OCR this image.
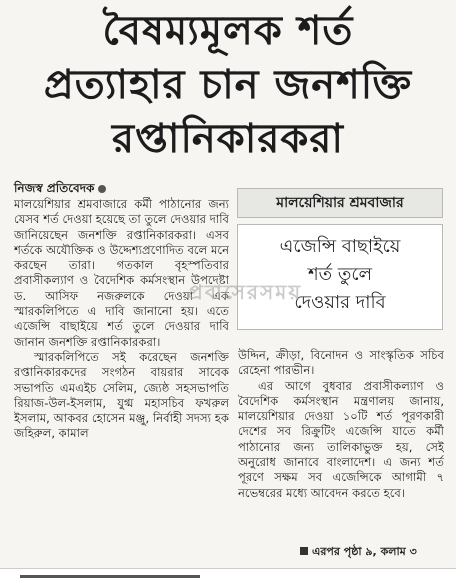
বৈষম্যমূলক শর্ত
প্রত্যাহার চান জনশক্তি
রপ্তানিকারকরা
নিজস্ব প্রতিবেদক

মালয়েশিয়ার শ্রমবাজারে কর্মী পাঠানোর জন্য যেসব শর্ত দেওয়া হয়েছে তা তুলে দেওয়ার দাবি জানিয়েছেন জনশক্তি রপ্তানিকারকরা। এসব শর্তকে অযৌক্তিক ও উদ্দেশ্যপ্রণোদিত বলে মনে করছেন তারা। গতকাল বৃহস্পতিবার প্রবাসীকল্যাণ ও বৈদেশিক কর্মসংস্থান উপদেষ্টা ড. আসিফ নজরুলকে দেওয়া এক স্মারকলিপিতে এ দাবি জানানো হয়। এতে এজেন্সি বাছাইয়ে শর্ত তুলে দেওয়ার দাবি জানান জনশক্তি রপ্তানিকারকরা।

স্মারকলিপিতে সই করেছেন জনশক্তি রপ্তানিকারকদের সংগঠন বায়রার সাবেক সভাপতি এমএইচ সেলিম, জ্যেষ্ঠ সহসভাপতি রিয়াজ-উল-ইসলাম, যুগ্ম মহাসচিব ফখরুল ইসলাম, আকবর হোসেন মঞ্জু, নির্বাহী সদস্য হক জহিরুল, কামাল

মালয়েশিয়ার শ্রমবাজার
এজেন্সি বাছাইয়ে
শর্ত তুলে
দেওয়ার দাবি

উদ্দিন, ক্রীড়া, বিনোদন ও সাংস্কৃতিক সচিব রেহেনা পারভীন।

এর আগে বুধবার প্রবাসীকল্যাণ ও বৈদেশিক কর্মসংস্থান মন্ত্রণালয় জানায়, মালয়েশিয়ার দেওয়া ১০টি শর্ত পূরণকারী দেশের সব রিক্রুটিং এজেন্সি যাতে কর্মী পাঠানোর জন্য তালিকাভুক্ত হয়, সেই অনুরোধ জানাবে বাংলাদেশ। এ জন্য শর্ত পূরণে সক্ষম সব এজেন্সিকে আগামী ৭ নভেম্বরের মধ্যে আবেদন করতে হবে।

প্রবাসেরসময়
এরপর পৃষ্ঠা ৯, কলাম ৩
